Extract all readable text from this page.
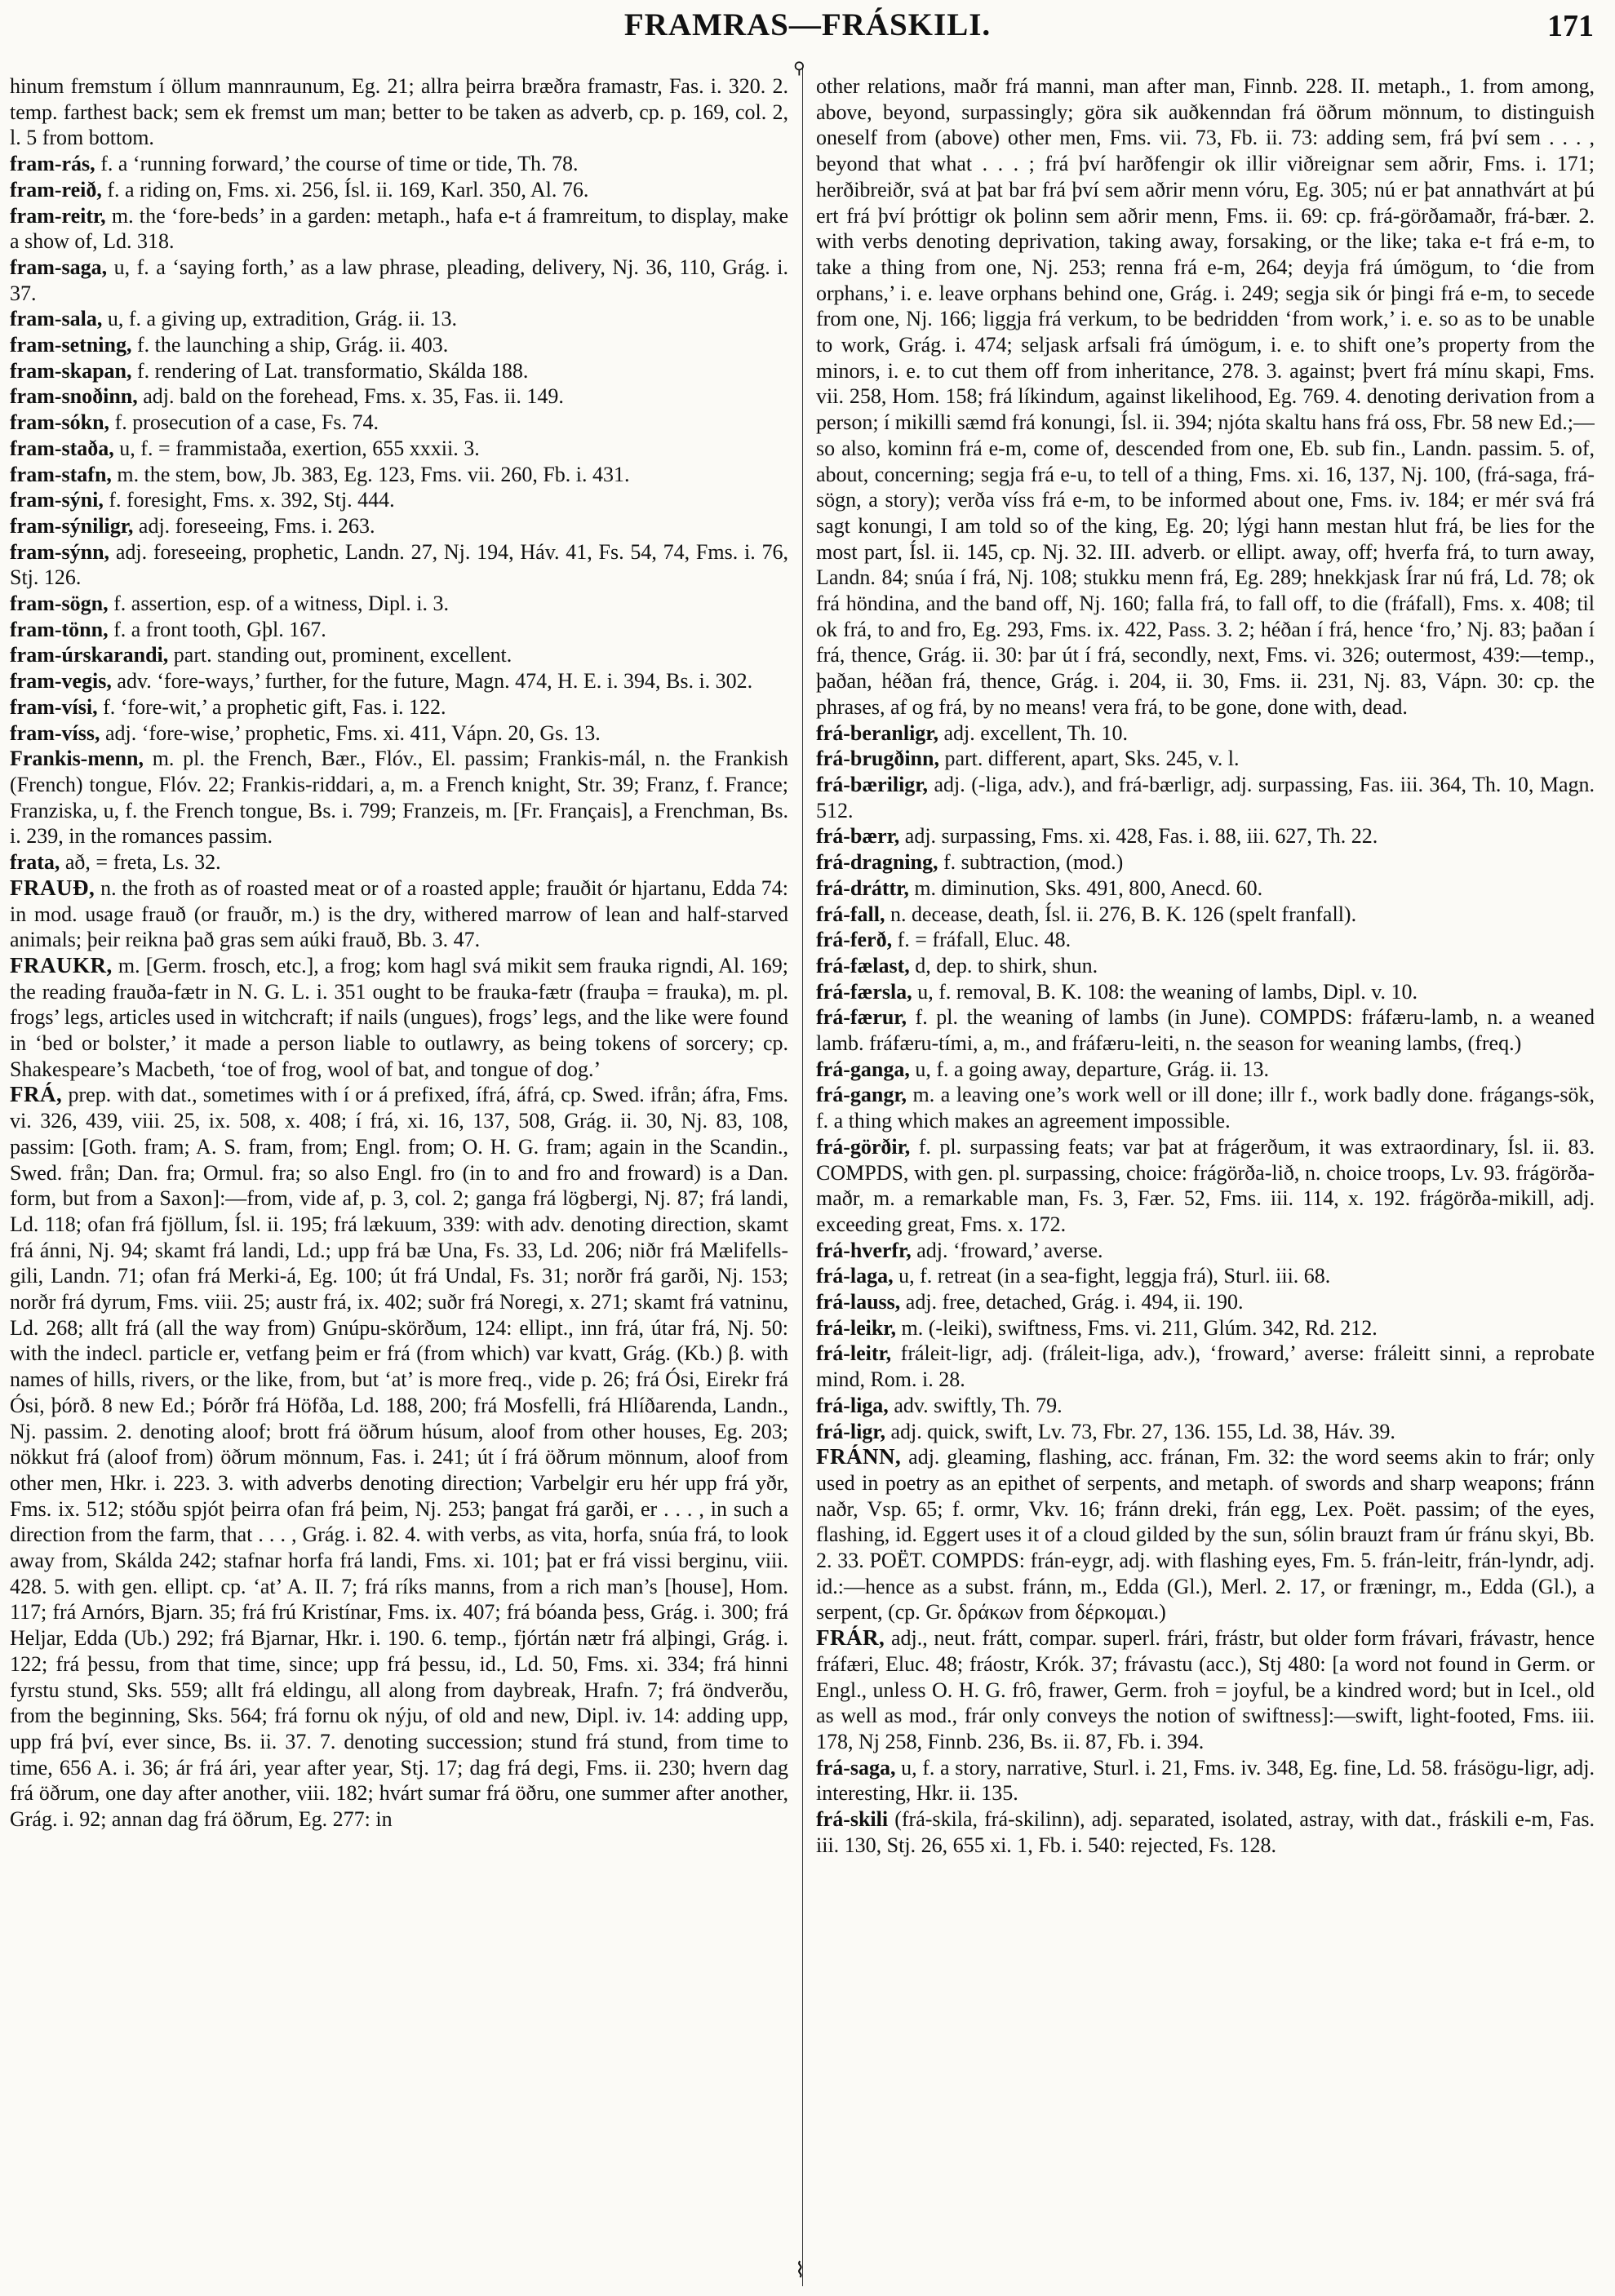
FRAMRAS—FRÁSKILI.	171
⚲
⌇

hinum fremstum í öllum mannraunum, Eg. 21; allra þeirra bræðra framastr, Fas. i. 320. 2. temp. farthest back; sem ek fremst um man; better to be taken as adverb, cp. p. 169, col. 2, l. 5 from bottom.

fram-rás, f. a ‘running forward,’ the course of time or tide, Th. 78.

fram-reið, f. a riding on, Fms. xi. 256, Ísl. ii. 169, Karl. 350, Al. 76.

fram-reitr, m. the ‘fore-beds’ in a garden: metaph., hafa e-t á framreitum, to display, make a show of, Ld. 318.

fram-saga, u, f. a ‘saying forth,’ as a law phrase, pleading, delivery, Nj. 36, 110, Grág. i. 37.

fram-sala, u, f. a giving up, extradition, Grág. ii. 13.

fram-setning, f. the launching a ship, Grág. ii. 403.

fram-skapan, f. rendering of Lat. transformatio, Skálda 188.

fram-snoðinn, adj. bald on the forehead, Fms. x. 35, Fas. ii. 149.

fram-sókn, f. prosecution of a case, Fs. 74.

fram-staða, u, f. = frammistaða, exertion, 655 xxxii. 3.

fram-stafn, m. the stem, bow, Jb. 383, Eg. 123, Fms. vii. 260, Fb. i. 431.

fram-sýni, f. foresight, Fms. x. 392, Stj. 444.

fram-sýniligr, adj. foreseeing, Fms. i. 263.

fram-sýnn, adj. foreseeing, prophetic, Landn. 27, Nj. 194, Háv. 41, Fs. 54, 74, Fms. i. 76, Stj. 126.

fram-sögn, f. assertion, esp. of a witness, Dipl. i. 3.

fram-tönn, f. a front tooth, Gþl. 167.

fram-úrskarandi, part. standing out, prominent, excellent.

fram-vegis, adv. ‘fore-ways,’ further, for the future, Magn. 474, H. E. i. 394, Bs. i. 302.

fram-vísi, f. ‘fore-wit,’ a prophetic gift, Fas. i. 122.

fram-víss, adj. ‘fore-wise,’ prophetic, Fms. xi. 411, Vápn. 20, Gs. 13.

Frankis-menn, m. pl. the French, Bær., Flóv., El. passim; Frankis-mál, n. the Frankish (French) tongue, Flóv. 22; Frankis-riddari, a, m. a French knight, Str. 39; Franz, f. France; Franziska, u, f. the French tongue, Bs. i. 799; Franzeis, m. [Fr. Français], a Frenchman, Bs. i. 239, in the romances passim.

frata, að, = freta, Ls. 32.

FRAUÐ, n. the froth as of roasted meat or of a roasted apple; frauðit ór hjartanu, Edda 74: in mod. usage frauð (or frauðr, m.) is the dry, withered marrow of lean and half-starved animals; þeir reikna það gras sem aúki frauð, Bb. 3. 47.

FRAUKR, m. [Germ. frosch, etc.], a frog; kom hagl svá mikit sem frauka rigndi, Al. 169; the reading frauða-fætr in N. G. L. i. 351 ought to be frauka-fætr (frauþa = frauka), m. pl. frogs’ legs, articles used in witchcraft; if nails (ungues), frogs’ legs, and the like were found in ‘bed or bolster,’ it made a person liable to outlawry, as being tokens of sorcery; cp. Shakespeare’s Macbeth, ‘toe of frog, wool of bat, and tongue of dog.’

FRÁ, prep. with dat., sometimes with í or á prefixed, ífrá, áfrá, cp. Swed. ifrån; áfra, Fms. vi. 326, 439, viii. 25, ix. 508, x. 408; í frá, xi. 16, 137, 508, Grág. ii. 30, Nj. 83, 108, passim: [Goth. fram; A. S. fram, from; Engl. from; O. H. G. fram; again in the Scandin., Swed. från; Dan. fra; Ormul. fra; so also Engl. fro (in to and fro and froward) is a Dan. form, but from a Saxon]:—from, vide af, p. 3, col. 2; ganga frá lögbergi, Nj. 87; frá landi, Ld. 118; ofan frá fjöllum, Ísl. ii. 195; frá lækuum, 339: with adv. denoting direction, skamt frá ánni, Nj. 94; skamt frá landi, Ld.; upp frá bæ Una, Fs. 33, Ld. 206; niðr frá Mælifells-gili, Landn. 71; ofan frá Merki-á, Eg. 100; út frá Undal, Fs. 31; norðr frá garði, Nj. 153; norðr frá dyrum, Fms. viii. 25; austr frá, ix. 402; suðr frá Noregi, x. 271; skamt frá vatninu, Ld. 268; allt frá (all the way from) Gnúpu-skörðum, 124: ellipt., inn frá, útar frá, Nj. 50: with the indecl. particle er, vetfang þeim er frá (from which) var kvatt, Grág. (Kb.) β. with names of hills, rivers, or the like, from, but ‘at’ is more freq., vide p. 26; frá Ósi, Eirekr frá Ósi, þórð. 8 new Ed.; Þórðr frá Höfða, Ld. 188, 200; frá Mosfelli, frá Hlíðarenda, Landn., Nj. passim. 2. denoting aloof; brott frá öðrum húsum, aloof from other houses, Eg. 203; nökkut frá (aloof from) öðrum mönnum, Fas. i. 241; út í frá öðrum mönnum, aloof from other men, Hkr. i. 223. 3. with adverbs denoting direction; Varbelgir eru hér upp frá yðr, Fms. ix. 512; stóðu spjót þeirra ofan frá þeim, Nj. 253; þangat frá garði, er . . . , in such a direction from the farm, that . . . , Grág. i. 82. 4. with verbs, as vita, horfa, snúa frá, to look away from, Skálda 242; stafnar horfa frá landi, Fms. xi. 101; þat er frá vissi berginu, viii. 428. 5. with gen. ellipt. cp. ‘at’ A. II. 7; frá ríks manns, from a rich man’s [house], Hom. 117; frá Arnórs, Bjarn. 35; frá frú Kristínar, Fms. ix. 407; frá bóanda þess, Grág. i. 300; frá Heljar, Edda (Ub.) 292; frá Bjarnar, Hkr. i. 190. 6. temp., fjórtán nætr frá alþingi, Grág. i. 122; frá þessu, from that time, since; upp frá þessu, id., Ld. 50, Fms. xi. 334; frá hinni fyrstu stund, Sks. 559; allt frá eldingu, all along from daybreak, Hrafn. 7; frá öndverðu, from the beginning, Sks. 564; frá fornu ok nýju, of old and new, Dipl. iv. 14: adding upp, upp frá því, ever since, Bs. ii. 37. 7. denoting succession; stund frá stund, from time to time, 656 A. i. 36; ár frá ári, year after year, Stj. 17; dag frá degi, Fms. ii. 230; hvern dag frá öðrum, one day after another, viii. 182; hvárt sumar frá öðru, one summer after another, Grág. i. 92; annan dag frá öðrum, Eg. 277: in

other relations, maðr frá manni, man after man, Finnb. 228. II. metaph., 1. from among, above, beyond, surpassingly; göra sik auðkenndan frá öðrum mönnum, to distinguish oneself from (above) other men, Fms. vii. 73, Fb. ii. 73: adding sem, frá því sem . . . , beyond that what . . . ; frá því harðfengir ok illir viðreignar sem aðrir, Fms. i. 171; herðibreiðr, svá at þat bar frá því sem aðrir menn vóru, Eg. 305; nú er þat annathvárt at þú ert frá því þróttigr ok þolinn sem aðrir menn, Fms. ii. 69: cp. frá-görðamaðr, frá-bær. 2. with verbs denoting deprivation, taking away, forsaking, or the like; taka e-t frá e-m, to take a thing from one, Nj. 253; renna frá e-m, 264; deyja frá úmögum, to ‘die from orphans,’ i. e. leave orphans behind one, Grág. i. 249; segja sik ór þingi frá e-m, to secede from one, Nj. 166; liggja frá verkum, to be bedridden ‘from work,’ i. e. so as to be unable to work, Grág. i. 474; seljask arfsali frá úmögum, i. e. to shift one’s property from the minors, i. e. to cut them off from inheritance, 278. 3. against; þvert frá mínu skapi, Fms. vii. 258, Hom. 158; frá líkindum, against likelihood, Eg. 769. 4. denoting derivation from a person; í mikilli sæmd frá konungi, Ísl. ii. 394; njóta skaltu hans frá oss, Fbr. 58 new Ed.;—so also, kominn frá e-m, come of, descended from one, Eb. sub fin., Landn. passim. 5. of, about, concerning; segja frá e-u, to tell of a thing, Fms. xi. 16, 137, Nj. 100, (frá-saga, frá-sögn, a story); verða víss frá e-m, to be informed about one, Fms. iv. 184; er mér svá frá sagt konungi, I am told so of the king, Eg. 20; lýgi hann mestan hlut frá, be lies for the most part, Ísl. ii. 145, cp. Nj. 32. III. adverb. or ellipt. away, off; hverfa frá, to turn away, Landn. 84; snúa í frá, Nj. 108; stukku menn frá, Eg. 289; hnekkjask Írar nú frá, Ld. 78; ok frá höndina, and the band off, Nj. 160; falla frá, to fall off, to die (fráfall), Fms. x. 408; til ok frá, to and fro, Eg. 293, Fms. ix. 422, Pass. 3. 2; héðan í frá, hence ‘fro,’ Nj. 83; þaðan í frá, thence, Grág. ii. 30: þar út í frá, secondly, next, Fms. vi. 326; outermost, 439:—temp., þaðan, héðan frá, thence, Grág. i. 204, ii. 30, Fms. ii. 231, Nj. 83, Vápn. 30: cp. the phrases, af og frá, by no means! vera frá, to be gone, done with, dead.

frá-beranligr, adj. excellent, Th. 10.

frá-brugðinn, part. different, apart, Sks. 245, v. l.

frá-bæriligr, adj. (-liga, adv.), and frá-bærligr, adj. surpassing, Fas. iii. 364, Th. 10, Magn. 512.

frá-bærr, adj. surpassing, Fms. xi. 428, Fas. i. 88, iii. 627, Th. 22.

frá-dragning, f. subtraction, (mod.)

frá-dráttr, m. diminution, Sks. 491, 800, Anecd. 60.

frá-fall, n. decease, death, Ísl. ii. 276, B. K. 126 (spelt franfall).

frá-ferð, f. = fráfall, Eluc. 48.

frá-fælast, d, dep. to shirk, shun.

frá-færsla, u, f. removal, B. K. 108: the weaning of lambs, Dipl. v. 10.

frá-færur, f. pl. the weaning of lambs (in June). COMPDS: fráfæru-lamb, n. a weaned lamb. fráfæru-tími, a, m., and fráfæru-leiti, n. the season for weaning lambs, (freq.)

frá-ganga, u, f. a going away, departure, Grág. ii. 13.

frá-gangr, m. a leaving one’s work well or ill done; illr f., work badly done. frágangs-sök, f. a thing which makes an agreement impossible.

frá-görðir, f. pl. surpassing feats; var þat at frágerðum, it was extraordinary, Ísl. ii. 83. COMPDS, with gen. pl. surpassing, choice: frágörða-lið, n. choice troops, Lv. 93. frágörða-maðr, m. a remarkable man, Fs. 3, Fær. 52, Fms. iii. 114, x. 192. frágörða-mikill, adj. exceeding great, Fms. x. 172.

frá-hverfr, adj. ‘froward,’ averse.

frá-laga, u, f. retreat (in a sea-fight, leggja frá), Sturl. iii. 68.

frá-lauss, adj. free, detached, Grág. i. 494, ii. 190.

frá-leikr, m. (-leiki), swiftness, Fms. vi. 211, Glúm. 342, Rd. 212.

frá-leitr, fráleit-ligr, adj. (fráleit-liga, adv.), ‘froward,’ averse: fráleitt sinni, a reprobate mind, Rom. i. 28.

frá-liga, adv. swiftly, Th. 79.

frá-ligr, adj. quick, swift, Lv. 73, Fbr. 27, 136. 155, Ld. 38, Háv. 39.

FRÁNN, adj. gleaming, flashing, acc. fránan, Fm. 32: the word seems akin to frár; only used in poetry as an epithet of serpents, and metaph. of swords and sharp weapons; fránn naðr, Vsp. 65; f. ormr, Vkv. 16; fránn dreki, frán egg, Lex. Poët. passim; of the eyes, flashing, id. Eggert uses it of a cloud gilded by the sun, sólin brauzt fram úr fránu skyi, Bb. 2. 33. POËT. COMPDS: frán-eygr, adj. with flashing eyes, Fm. 5. frán-leitr, frán-lyndr, adj. id.:—hence as a subst. fránn, m., Edda (Gl.), Merl. 2. 17, or fræningr, m., Edda (Gl.), a serpent, (cp. Gr. δράκων from δέρκομαι.)

FRÁR, adj., neut. frátt, compar. superl. frári, frástr, but older form frávari, frávastr, hence fráfæri, Eluc. 48; fráostr, Krók. 37; frávastu (acc.), Stj 480: [a word not found in Germ. or Engl., unless O. H. G. frô, frawer, Germ. froh = joyful, be a kindred word; but in Icel., old as well as mod., frár only conveys the notion of swiftness]:—swift, light-footed, Fms. iii. 178, Nj 258, Finnb. 236, Bs. ii. 87, Fb. i. 394.

frá-saga, u, f. a story, narrative, Sturl. i. 21, Fms. iv. 348, Eg. fine, Ld. 58. frásögu-ligr, adj. interesting, Hkr. ii. 135.

frá-skili (frá-skila, frá-skilinn), adj. separated, isolated, astray, with dat., fráskili e-m, Fas. iii. 130, Stj. 26, 655 xi. 1, Fb. i. 540: rejected, Fs. 128.
